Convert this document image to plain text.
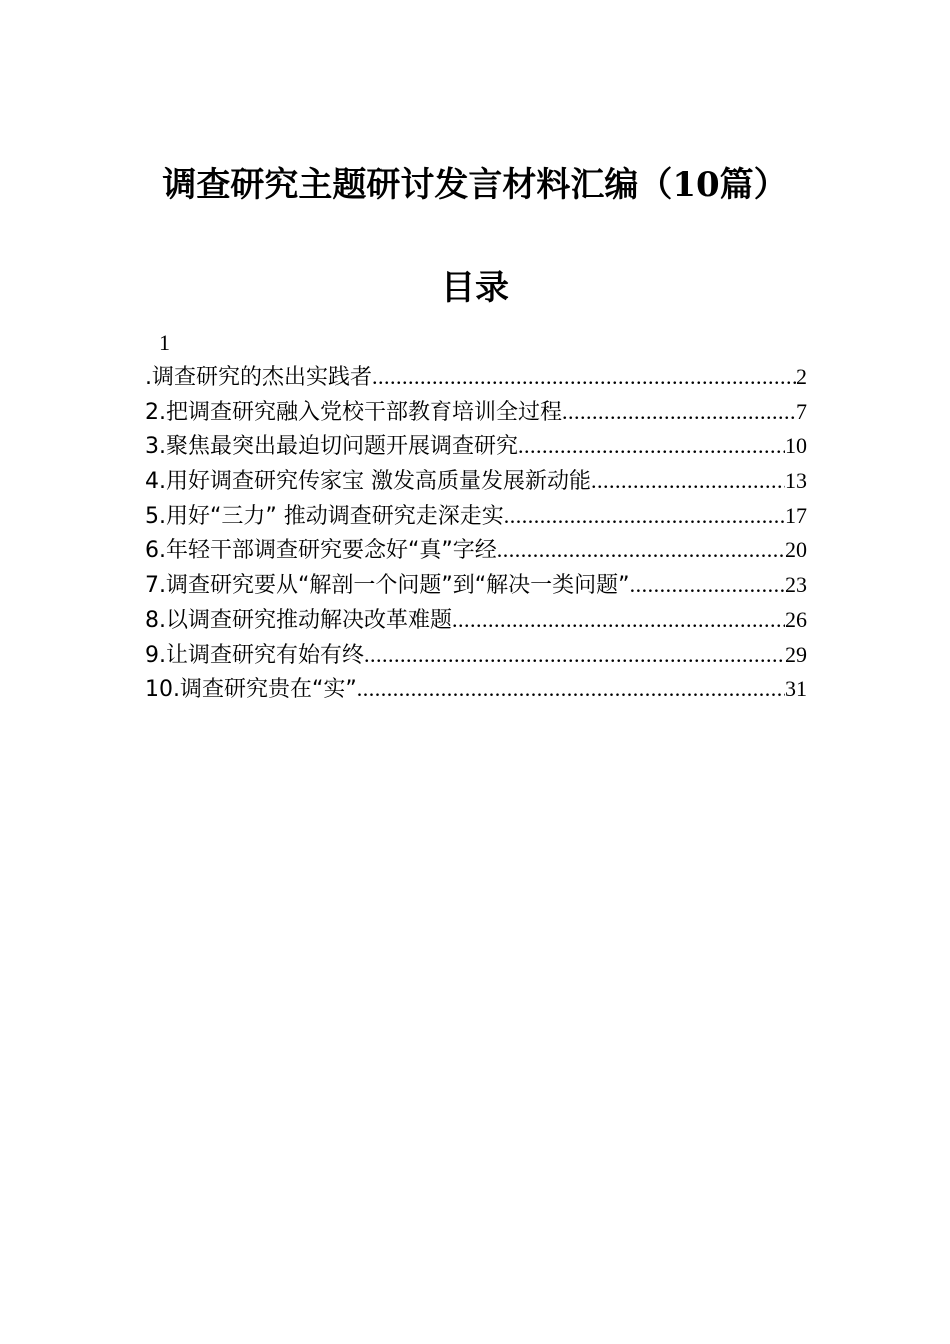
调查研究主题研讨发言材料汇编（10篇）
目录
1
.调查研究的杰出实践者 .....	2
2.把调查研究融入党校干部教育培训全过程 .....	7
3.聚焦最突出最迫切问题开展调查研究 .....	10
4.用好调查研究传家宝 激发高质量发展新动能 .....	13
5.用好“三力” 推动调查研究走深走实 .....	17
6.年轻干部调查研究要念好“真”字经 .....	20
7.调查研究要从“解剖一个问题”到“解决一类问题” .....	23
8.以调查研究推动解决改革难题 .....	26
9.让调查研究有始有终 .....	29
10.调查研究贵在“实” .....	31
